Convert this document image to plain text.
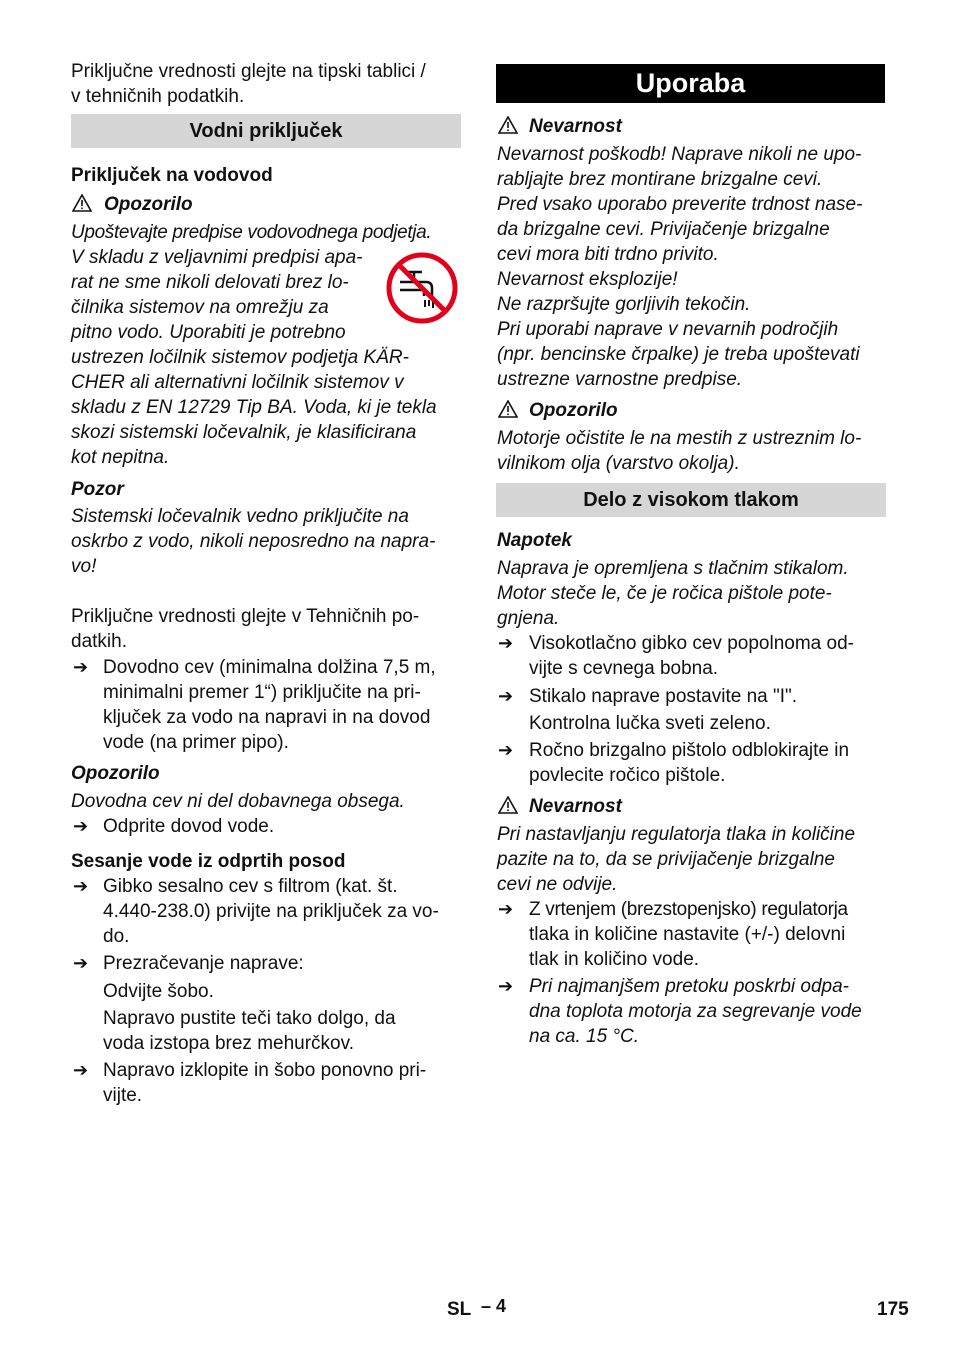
Priključne vrednosti glejte na tipski tablici /
v tehničnih podatkih.
Vodni priključek
Priključek na vodovod
Opozorilo
Upoštevajte predpise vodovodnega podjetja.
V skladu z veljavnimi predpisi apa-
rat ne sme nikoli delovati brez lo-
čilnika sistemov na omrežju za
pitno vodo. Uporabiti je potrebno
ustrezen ločilnik sistemov podjetja KÄR-
CHER ali alternativni ločilnik sistemov v
skladu z EN 12729 Tip BA. Voda, ki je tekla
skozi sistemski ločevalnik, je klasificirana
kot nepitna.
Pozor
Sistemski ločevalnik vedno priključite na
oskrbo z vodo, nikoli neposredno na napra-
vo!
Priključne vrednosti glejte v Tehničnih po-
datkih.
➔ Dovodno cev (minimalna dolžina 7,5 m,
minimalni premer 1“) priključite na pri-
ključek za vodo na napravi in na dovod
vode (na primer pipo).
Opozorilo
Dovodna cev ni del dobavnega obsega.
➔ Odprite dovod vode.
Sesanje vode iz odprtih posod
➔ Gibko sesalno cev s filtrom (kat. št.
4.440-238.0) privijte na priključek za vo-
do.
➔ Prezračevanje naprave:
Odvijte šobo.
Napravo pustite teči tako dolgo, da
voda izstopa brez mehurčkov.
➔ Napravo izklopite in šobo ponovno pri-
vijte.
Uporaba
Nevarnost
Nevarnost poškodb! Naprave nikoli ne upo-
rabljajte brez montirane brizgalne cevi.
Pred vsako uporabo preverite trdnost nase-
da brizgalne cevi. Privijačenje brizgalne
cevi mora biti trdno privito.
Nevarnost eksplozije!
Ne razpršujte gorljivih tekočin.
Pri uporabi naprave v nevarnih področjih
(npr. bencinske črpalke) je treba upoštevati
ustrezne varnostne predpise.
Opozorilo
Motorje očistite le na mestih z ustreznim lo-
vilnikom olja (varstvo okolja).
Delo z visokom tlakom
Napotek
Naprava je opremljena s tlačnim stikalom.
Motor steče le, če je ročica pištole pote-
gnjena.
➔ Visokotlačno gibko cev popolnoma od-
vijte s cevnega bobna.
➔ Stikalo naprave postavite na "I".
Kontrolna lučka sveti zeleno.
➔ Ročno brizgalno pištolo odblokirajte in
povlecite ročico pištole.
Nevarnost
Pri nastavljanju regulatorja tlaka in količine
pazite na to, da se privijačenje brizgalne
cevi ne odvije.
➔ Z vrtenjem (brezstopenjsko) regulatorja
tlaka in količine nastavite (+/-) delovni
tlak in količino vode.
➔ Pri najmanjšem pretoku poskrbi odpa-
dna toplota motorja za segrevanje vode
na ca. 15 °C.
SL – 4	175
